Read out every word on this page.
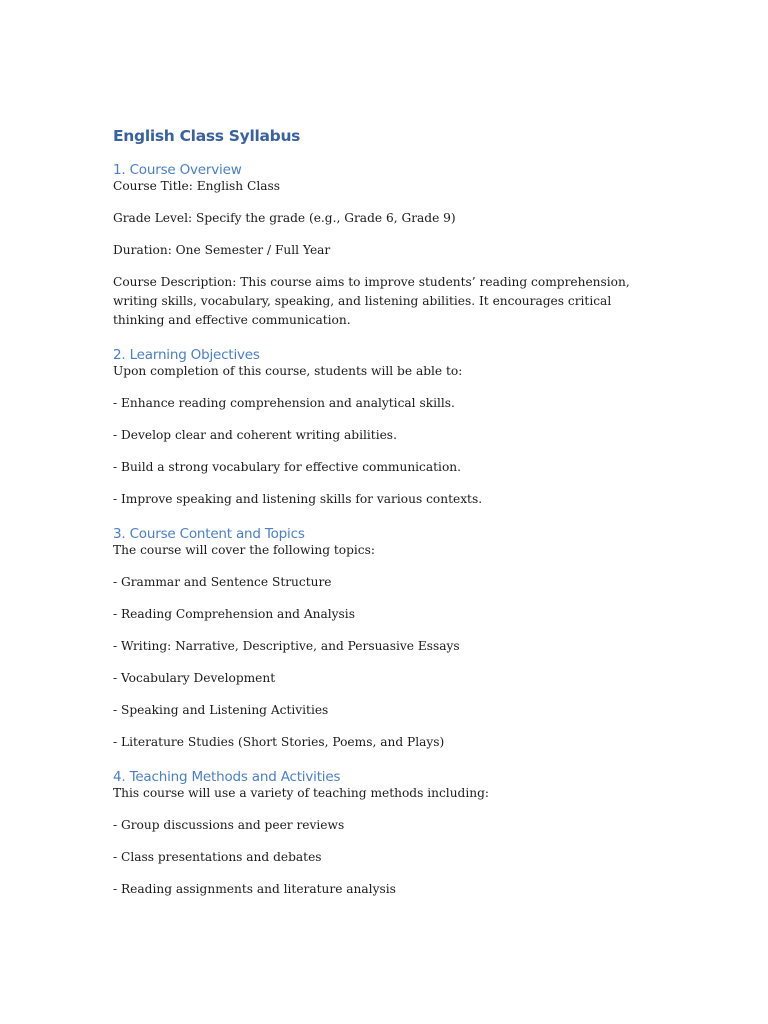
English Class Syllabus
1. Course Overview

Course Title: English Class

Grade Level: Specify the grade (e.g., Grade 6, Grade 9)

Duration: One Semester / Full Year

Course Description: This course aims to improve students’ reading comprehension, writing skills, vocabulary, speaking, and listening abilities. It encourages critical thinking and effective communication.

2. Learning Objectives

Upon completion of this course, students will be able to:

- Enhance reading comprehension and analytical skills.

- Develop clear and coherent writing abilities.

- Build a strong vocabulary for effective communication.

- Improve speaking and listening skills for various contexts.

3. Course Content and Topics

The course will cover the following topics:

- Grammar and Sentence Structure

- Reading Comprehension and Analysis

- Writing: Narrative, Descriptive, and Persuasive Essays

- Vocabulary Development

- Speaking and Listening Activities

- Literature Studies (Short Stories, Poems, and Plays)

4. Teaching Methods and Activities

This course will use a variety of teaching methods including:

- Group discussions and peer reviews

- Class presentations and debates

- Reading assignments and literature analysis
